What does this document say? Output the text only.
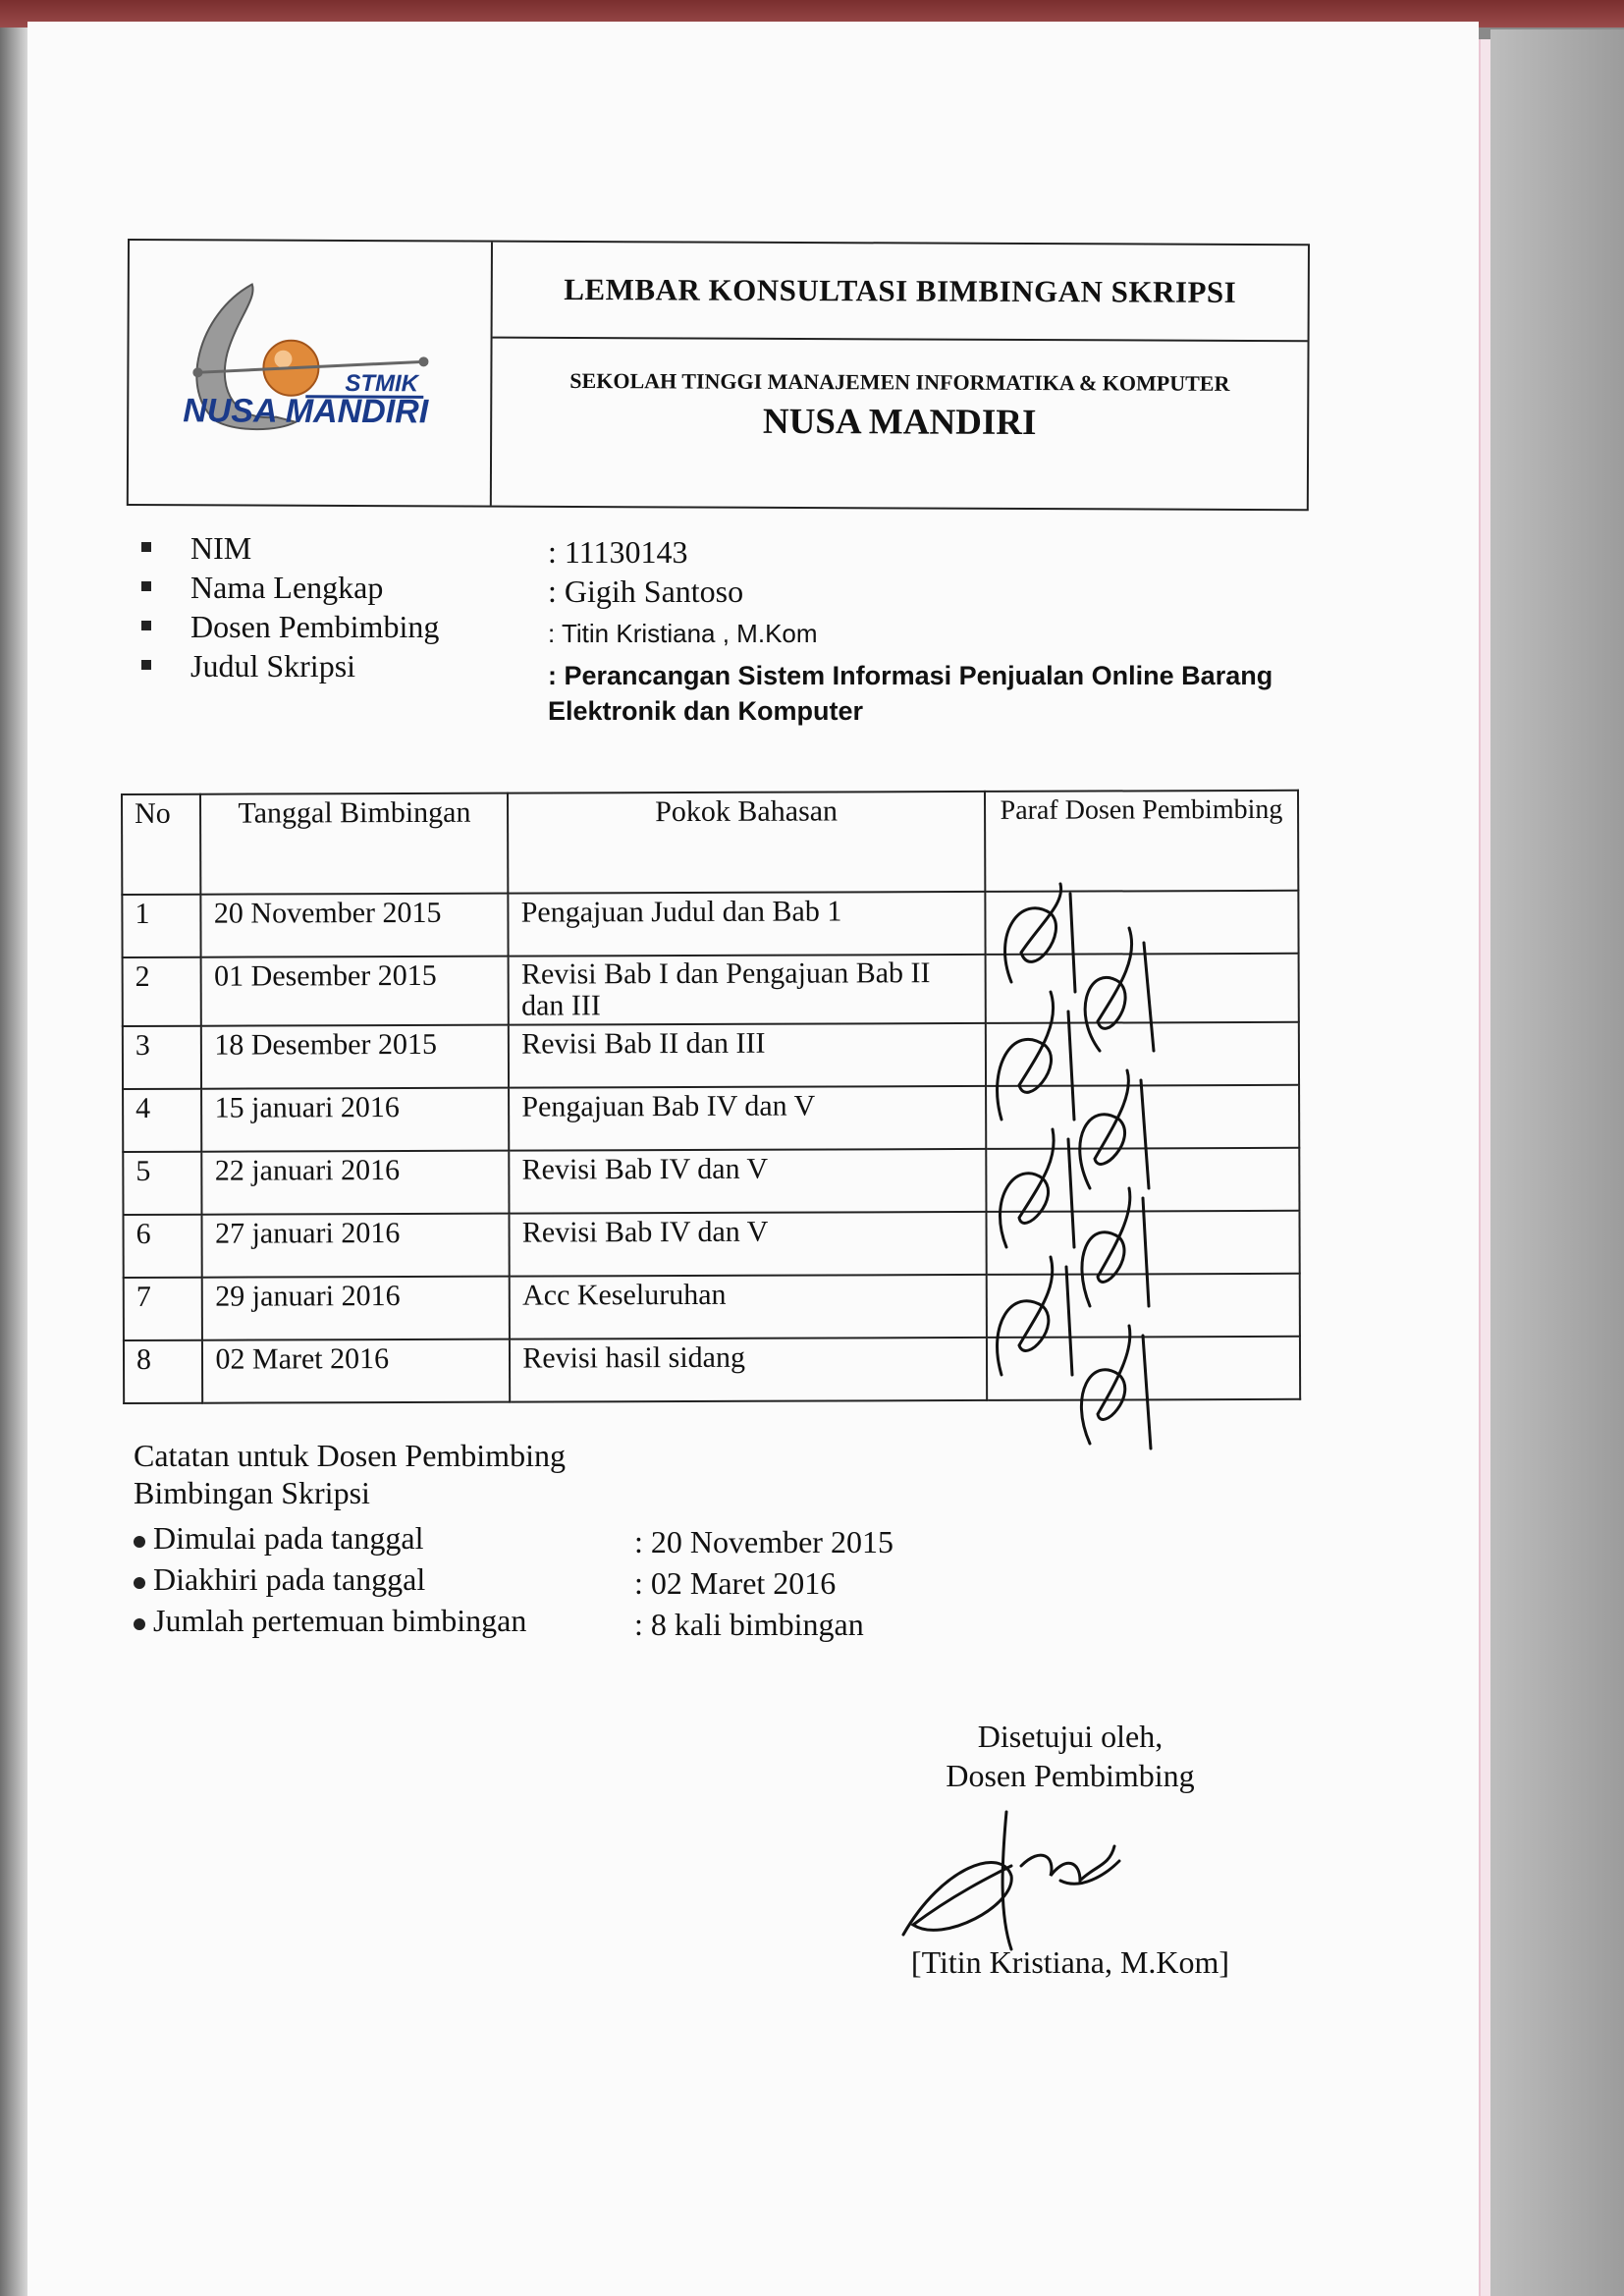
STMIK
NUSA MANDIRI
LEMBAR KONSULTASI BIMBINGAN SKRIPSI
SEKOLAH TINGGI MANAJEMEN INFORMATIKA & KOMPUTER
NUSA MANDIRI
NIM	: 11130143
Nama Lengkap	: Gigih Santoso
Dosen Pembimbing	: Titin Kristiana , M.Kom
Judul Skripsi	: Perancangan Sistem Informasi Penjualan Online Barang Elektronik dan Komputer
No	Tanggal Bimbingan	Pokok Bahasan	Paraf Dosen Pembimbing
1	20 November 2015	Pengajuan Judul dan Bab 1	
2	01 Desember 2015	Revisi Bab I dan Pengajuan Bab II dan III	
3	18 Desember 2015	Revisi Bab II dan III	
4	15 januari 2016	Pengajuan Bab IV dan V	
5	22 januari 2016	Revisi Bab IV dan V	
6	27 januari 2016	Revisi Bab IV dan V	
7	29 januari 2016	Acc Keseluruhan	
8	02 Maret 2016	Revisi hasil sidang	
Catatan untuk Dosen Pembimbing
Bimbingan Skripsi
Dimulai pada tanggal	: 20 November 2015
Diakhiri pada tanggal	: 02 Maret 2016
Jumlah pertemuan bimbingan	: 8 kali bimbingan
Disetujui oleh,
Dosen Pembimbing
[Titin Kristiana, M.Kom]
